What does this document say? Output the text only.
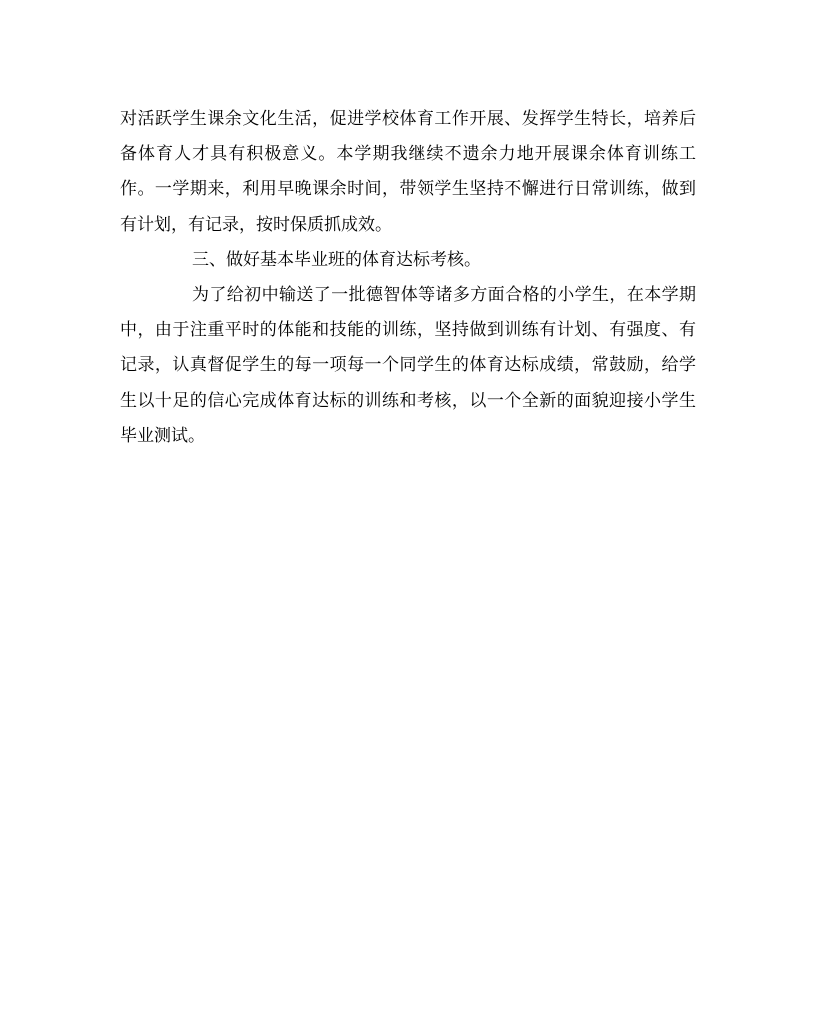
对活跃学生课余文化生活，促进学校体育工作开展、发挥学生特长，培养后备体育人才具有积极意义。本学期我继续不遗余力地开展课余体育训练工作。一学期来，利用早晚课余时间，带领学生坚持不懈进行日常训练，做到有计划，有记录，按时保质抓成效。

三、做好基本毕业班的体育达标考核。

为了给初中输送了一批德智体等诸多方面合格的小学生，在本学期中，由于注重平时的体能和技能的训练，坚持做到训练有计划、有强度、有记录，认真督促学生的每一项每一个同学生的体育达标成绩，常鼓励，给学生以十足的信心完成体育达标的训练和考核，以一个全新的面貌迎接小学生毕业测试。
